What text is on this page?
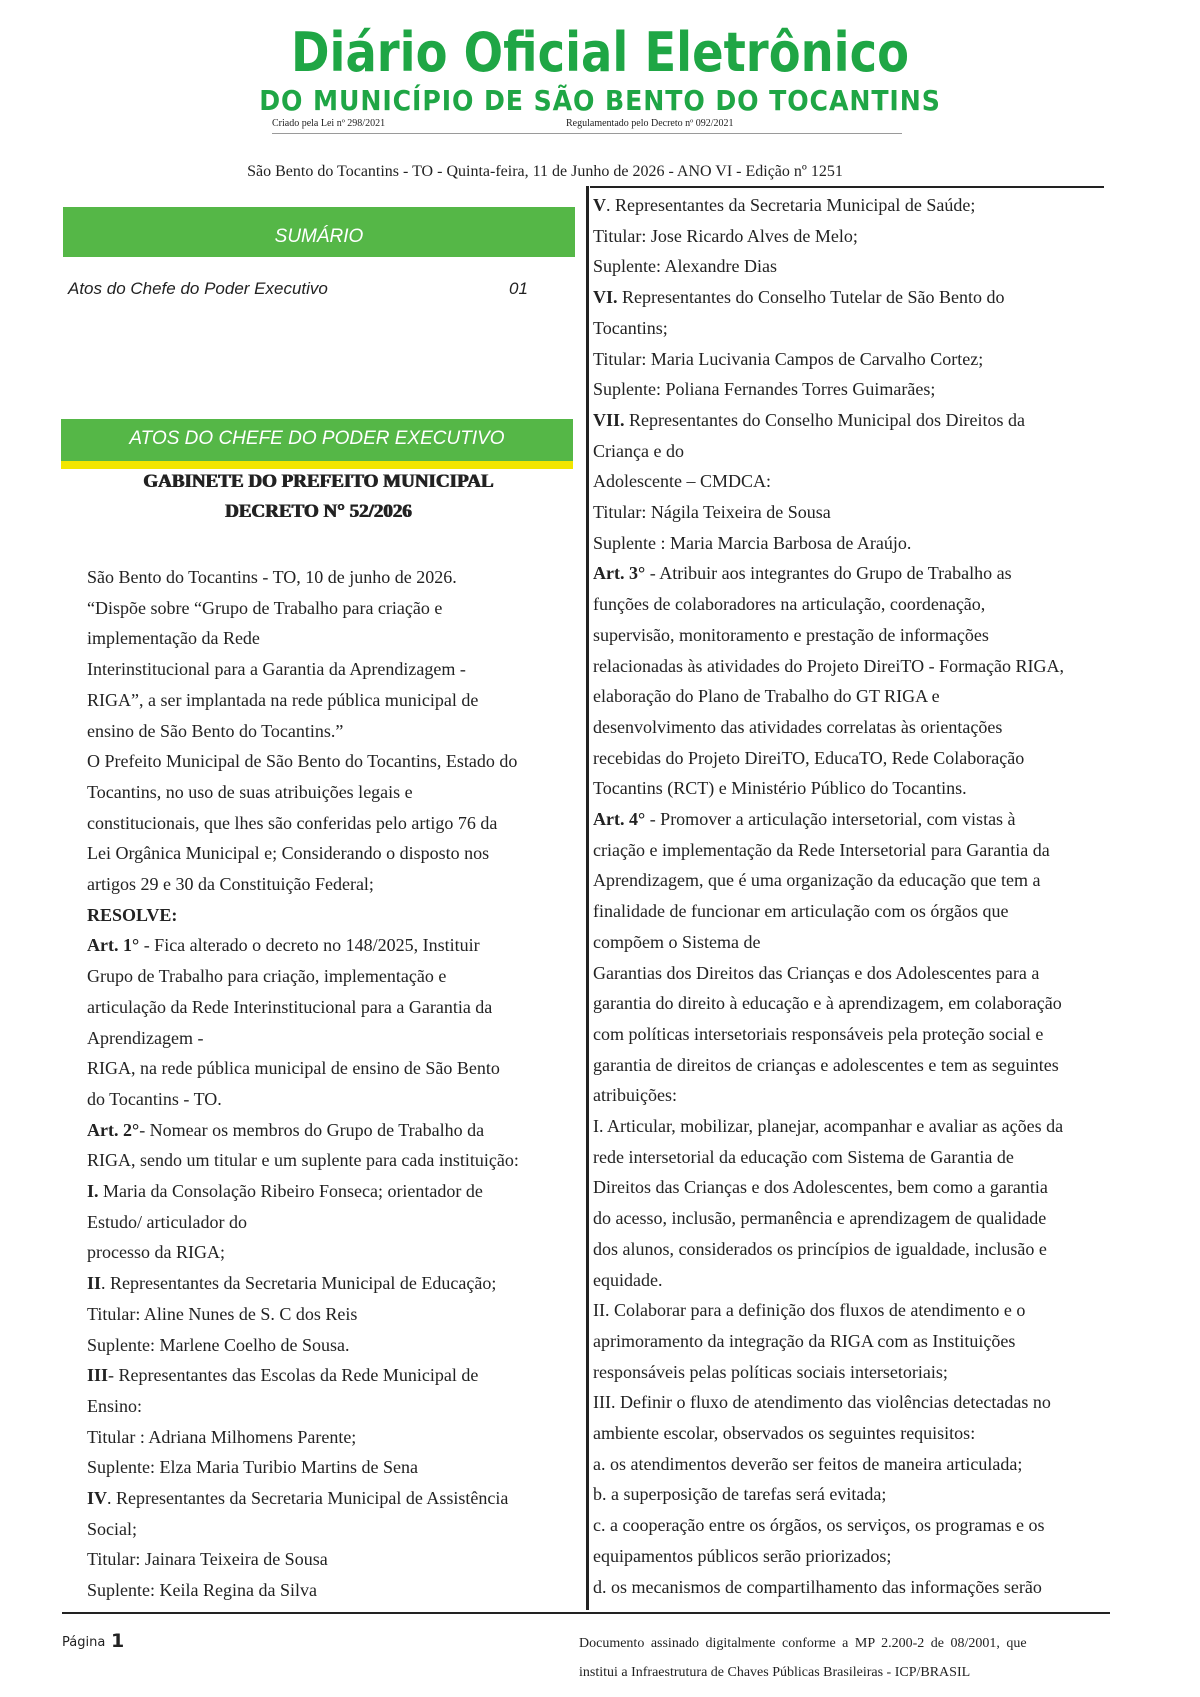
Diário Oficial Eletrônico
DO MUNICÍPIO DE SÃO BENTO DO TOCANTINS
Criado pela Lei nº 298/2021	Regulamentado pelo Decreto nº 092/2021
São Bento do Tocantins - TO - Quinta-feira, 11 de Junho de 2026 - ANO VI - Edição nº 1251
SUMÁRIO
Atos do Chefe do Poder Executivo	01
ATOS DO CHEFE DO PODER EXECUTIVO
GABINETE DO PREFEITO MUNICIPAL
DECRETO N° 52/2026
São Bento do Tocantins - TO, 10 de junho de 2026.
“Dispõe sobre “Grupo de Trabalho para criação e
implementação da Rede
Interinstitucional para a Garantia da Aprendizagem -
RIGA”, a ser implantada na rede pública municipal de
ensino de São Bento do Tocantins.”
O Prefeito Municipal de São Bento do Tocantins, Estado do
Tocantins, no uso de suas atribuições legais e
constitucionais, que lhes são conferidas pelo artigo 76 da
Lei Orgânica Municipal e; Considerando o disposto nos
artigos 29 e 30 da Constituição Federal;
RESOLVE:
Art. 1° - Fica alterado o decreto no 148/2025, Instituir
Grupo de Trabalho para criação, implementação e
articulação da Rede Interinstitucional para a Garantia da
Aprendizagem -
RIGA, na rede pública municipal de ensino de São Bento
do Tocantins - TO.
Art. 2°- Nomear os membros do Grupo de Trabalho da
RIGA, sendo um titular e um suplente para cada instituição:
I. Maria da Consolação Ribeiro Fonseca; orientador de
Estudo/ articulador do
processo da RIGA;
II. Representantes da Secretaria Municipal de Educação;
Titular: Aline Nunes de S. C dos Reis
Suplente: Marlene Coelho de Sousa.
III- Representantes das Escolas da Rede Municipal de
Ensino:
Titular : Adriana Milhomens Parente;
Suplente: Elza Maria Turibio Martins de Sena
IV. Representantes da Secretaria Municipal de Assistência
Social;
Titular: Jainara Teixeira de Sousa
Suplente: Keila Regina da Silva
V. Representantes da Secretaria Municipal de Saúde;
Titular: Jose Ricardo Alves de Melo;
Suplente: Alexandre Dias
VI. Representantes do Conselho Tutelar de São Bento do
Tocantins;
Titular: Maria Lucivania Campos de Carvalho Cortez;
Suplente: Poliana Fernandes Torres Guimarães;
VII. Representantes do Conselho Municipal dos Direitos da
Criança e do
Adolescente – CMDCA:
Titular: Nágila Teixeira de Sousa
Suplente : Maria Marcia Barbosa de Araújo.
Art. 3° - Atribuir aos integrantes do Grupo de Trabalho as
funções de colaboradores na articulação, coordenação,
supervisão, monitoramento e prestação de informações
relacionadas às atividades do Projeto DireiTO - Formação RIGA,
elaboração do Plano de Trabalho do GT RIGA e
desenvolvimento das atividades correlatas às orientações
recebidas do Projeto DireiTO, EducaTO, Rede Colaboração
Tocantins (RCT) e Ministério Público do Tocantins.
Art. 4° - Promover a articulação intersetorial, com vistas à
criação e implementação da Rede Intersetorial para Garantia da
Aprendizagem, que é uma organização da educação que tem a
finalidade de funcionar em articulação com os órgãos que
compõem o Sistema de
Garantias dos Direitos das Crianças e dos Adolescentes para a
garantia do direito à educação e à aprendizagem, em colaboração
com políticas intersetoriais responsáveis pela proteção social e
garantia de direitos de crianças e adolescentes e tem as seguintes
atribuições:
I. Articular, mobilizar, planejar, acompanhar e avaliar as ações da
rede intersetorial da educação com Sistema de Garantia de
Direitos das Crianças e dos Adolescentes, bem como a garantia
do acesso, inclusão, permanência e aprendizagem de qualidade
dos alunos, considerados os princípios de igualdade, inclusão e
equidade.
II. Colaborar para a definição dos fluxos de atendimento e o
aprimoramento da integração da RIGA com as Instituições
responsáveis pelas políticas sociais intersetoriais;
III. Definir o fluxo de atendimento das violências detectadas no
ambiente escolar, observados os seguintes requisitos:
a. os atendimentos deverão ser feitos de maneira articulada;
b. a superposição de tarefas será evitada;
c. a cooperação entre os órgãos, os serviços, os programas e os
equipamentos públicos serão priorizados;
d. os mecanismos de compartilhamento das informações serão
Página 1	Documento assinado digitalmente conforme a MP 2.200-2 de 08/2001, que
institui a Infraestrutura de Chaves Públicas Brasileiras - ICP/BRASIL
